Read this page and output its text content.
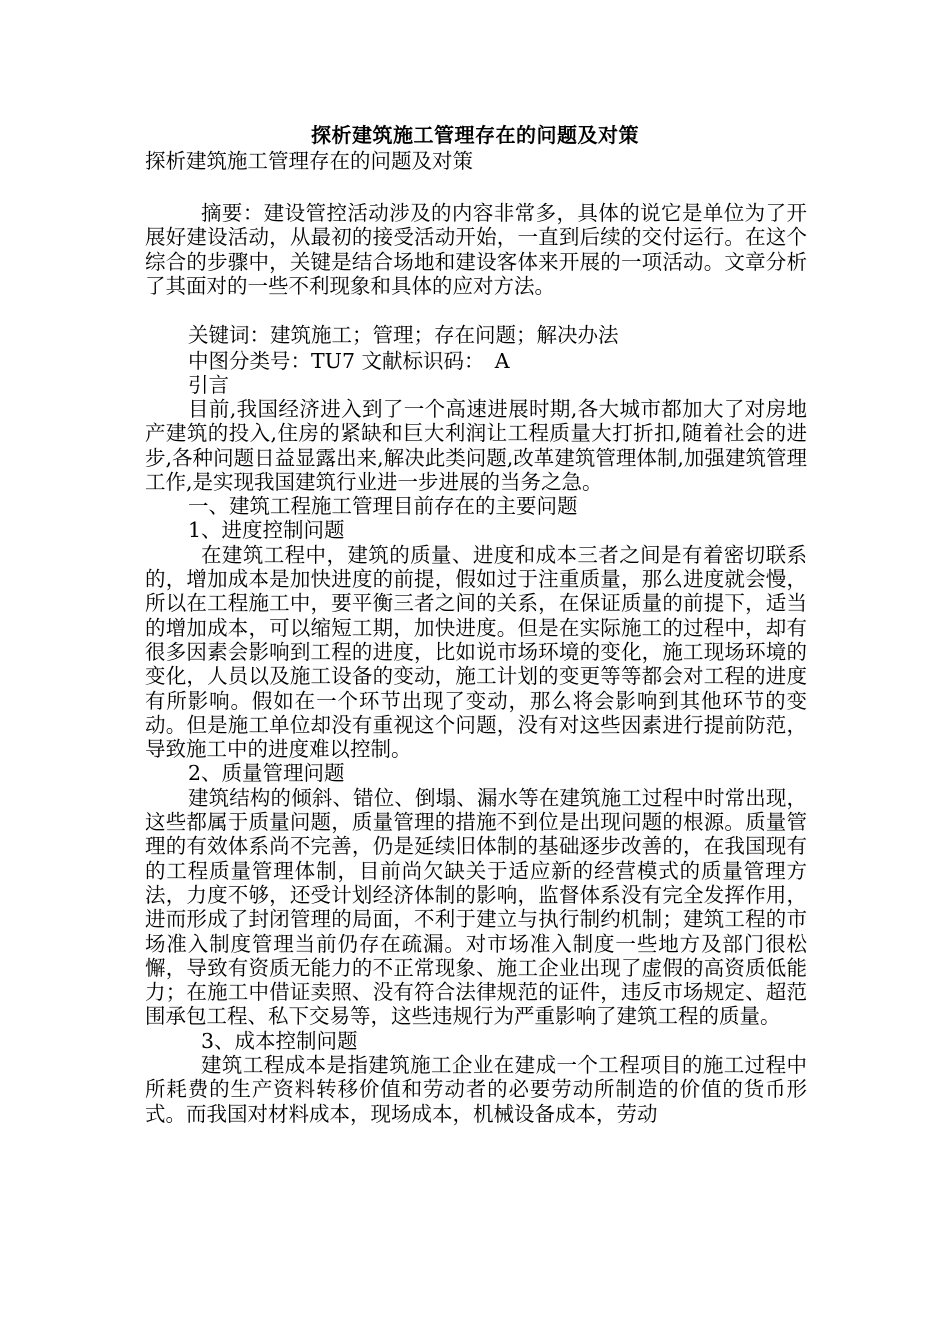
探析建筑施工管理存在的问题及对策

探析建筑施工管理存在的问题及对策

摘要：建设管控活动涉及的内容非常多，具体的说它是单位为了开展好建设活动，从最初的接受活动开始，一直到后续的交付运行。在这个综合的步骤中，关键是结合场地和建设客体来开展的一项活动。文章分析了其面对的一些不利现象和具体的应对方法。

关键词：建筑施工；管理；存在问题；解决办法

中图分类号：TU7 文献标识码：　A

引言

目前,我国经济进入到了一个高速进展时期,各大城市都加大了对房地产建筑的投入,住房的紧缺和巨大利润让工程质量大打折扣,随着社会的进步,各种问题日益显露出来,解决此类问题,改革建筑管理体制,加强建筑管理工作,是实现我国建筑行业进一步进展的当务之急。

一、建筑工程施工管理目前存在的主要问题

1、进度控制问题

在建筑工程中，建筑的质量、进度和成本三者之间是有着密切联系的，增加成本是加快进度的前提，假如过于注重质量，那么进度就会慢，所以在工程施工中，要平衡三者之间的关系，在保证质量的前提下，适当的增加成本，可以缩短工期，加快进度。但是在实际施工的过程中，却有很多因素会影响到工程的进度，比如说市场环境的变化，施工现场环境的变化，人员以及施工设备的变动，施工计划的变更等等都会对工程的进度有所影响。假如在一个环节出现了变动，那么将会影响到其他环节的变动。但是施工单位却没有重视这个问题，没有对这些因素进行提前防范，导致施工中的进度难以控制。

2、质量管理问题

建筑结构的倾斜、错位、倒塌、漏水等在建筑施工过程中时常出现，这些都属于质量问题，质量管理的措施不到位是出现问题的根源。质量管理的有效体系尚不完善，仍是延续旧体制的基础逐步改善的，在我国现有的工程质量管理体制，目前尚欠缺关于适应新的经营模式的质量管理方法，力度不够，还受计划经济体制的影响，监督体系没有完全发挥作用，进而形成了封闭管理的局面，不利于建立与执行制约机制；建筑工程的市场准入制度管理当前仍存在疏漏。对市场准入制度一些地方及部门很松懈，导致有资质无能力的不正常现象、施工企业出现了虚假的高资质低能力；在施工中借证卖照、没有符合法律规范的证件，违反市场规定、超范围承包工程、私下交易等，这些违规行为严重影响了建筑工程的质量。

3、成本控制问题

建筑工程成本是指建筑施工企业在建成一个工程项目的施工过程中所耗费的生产资料转移价值和劳动者的必要劳动所制造的价值的货币形式。而我国对材料成本，现场成本，机械设备成本，劳动
